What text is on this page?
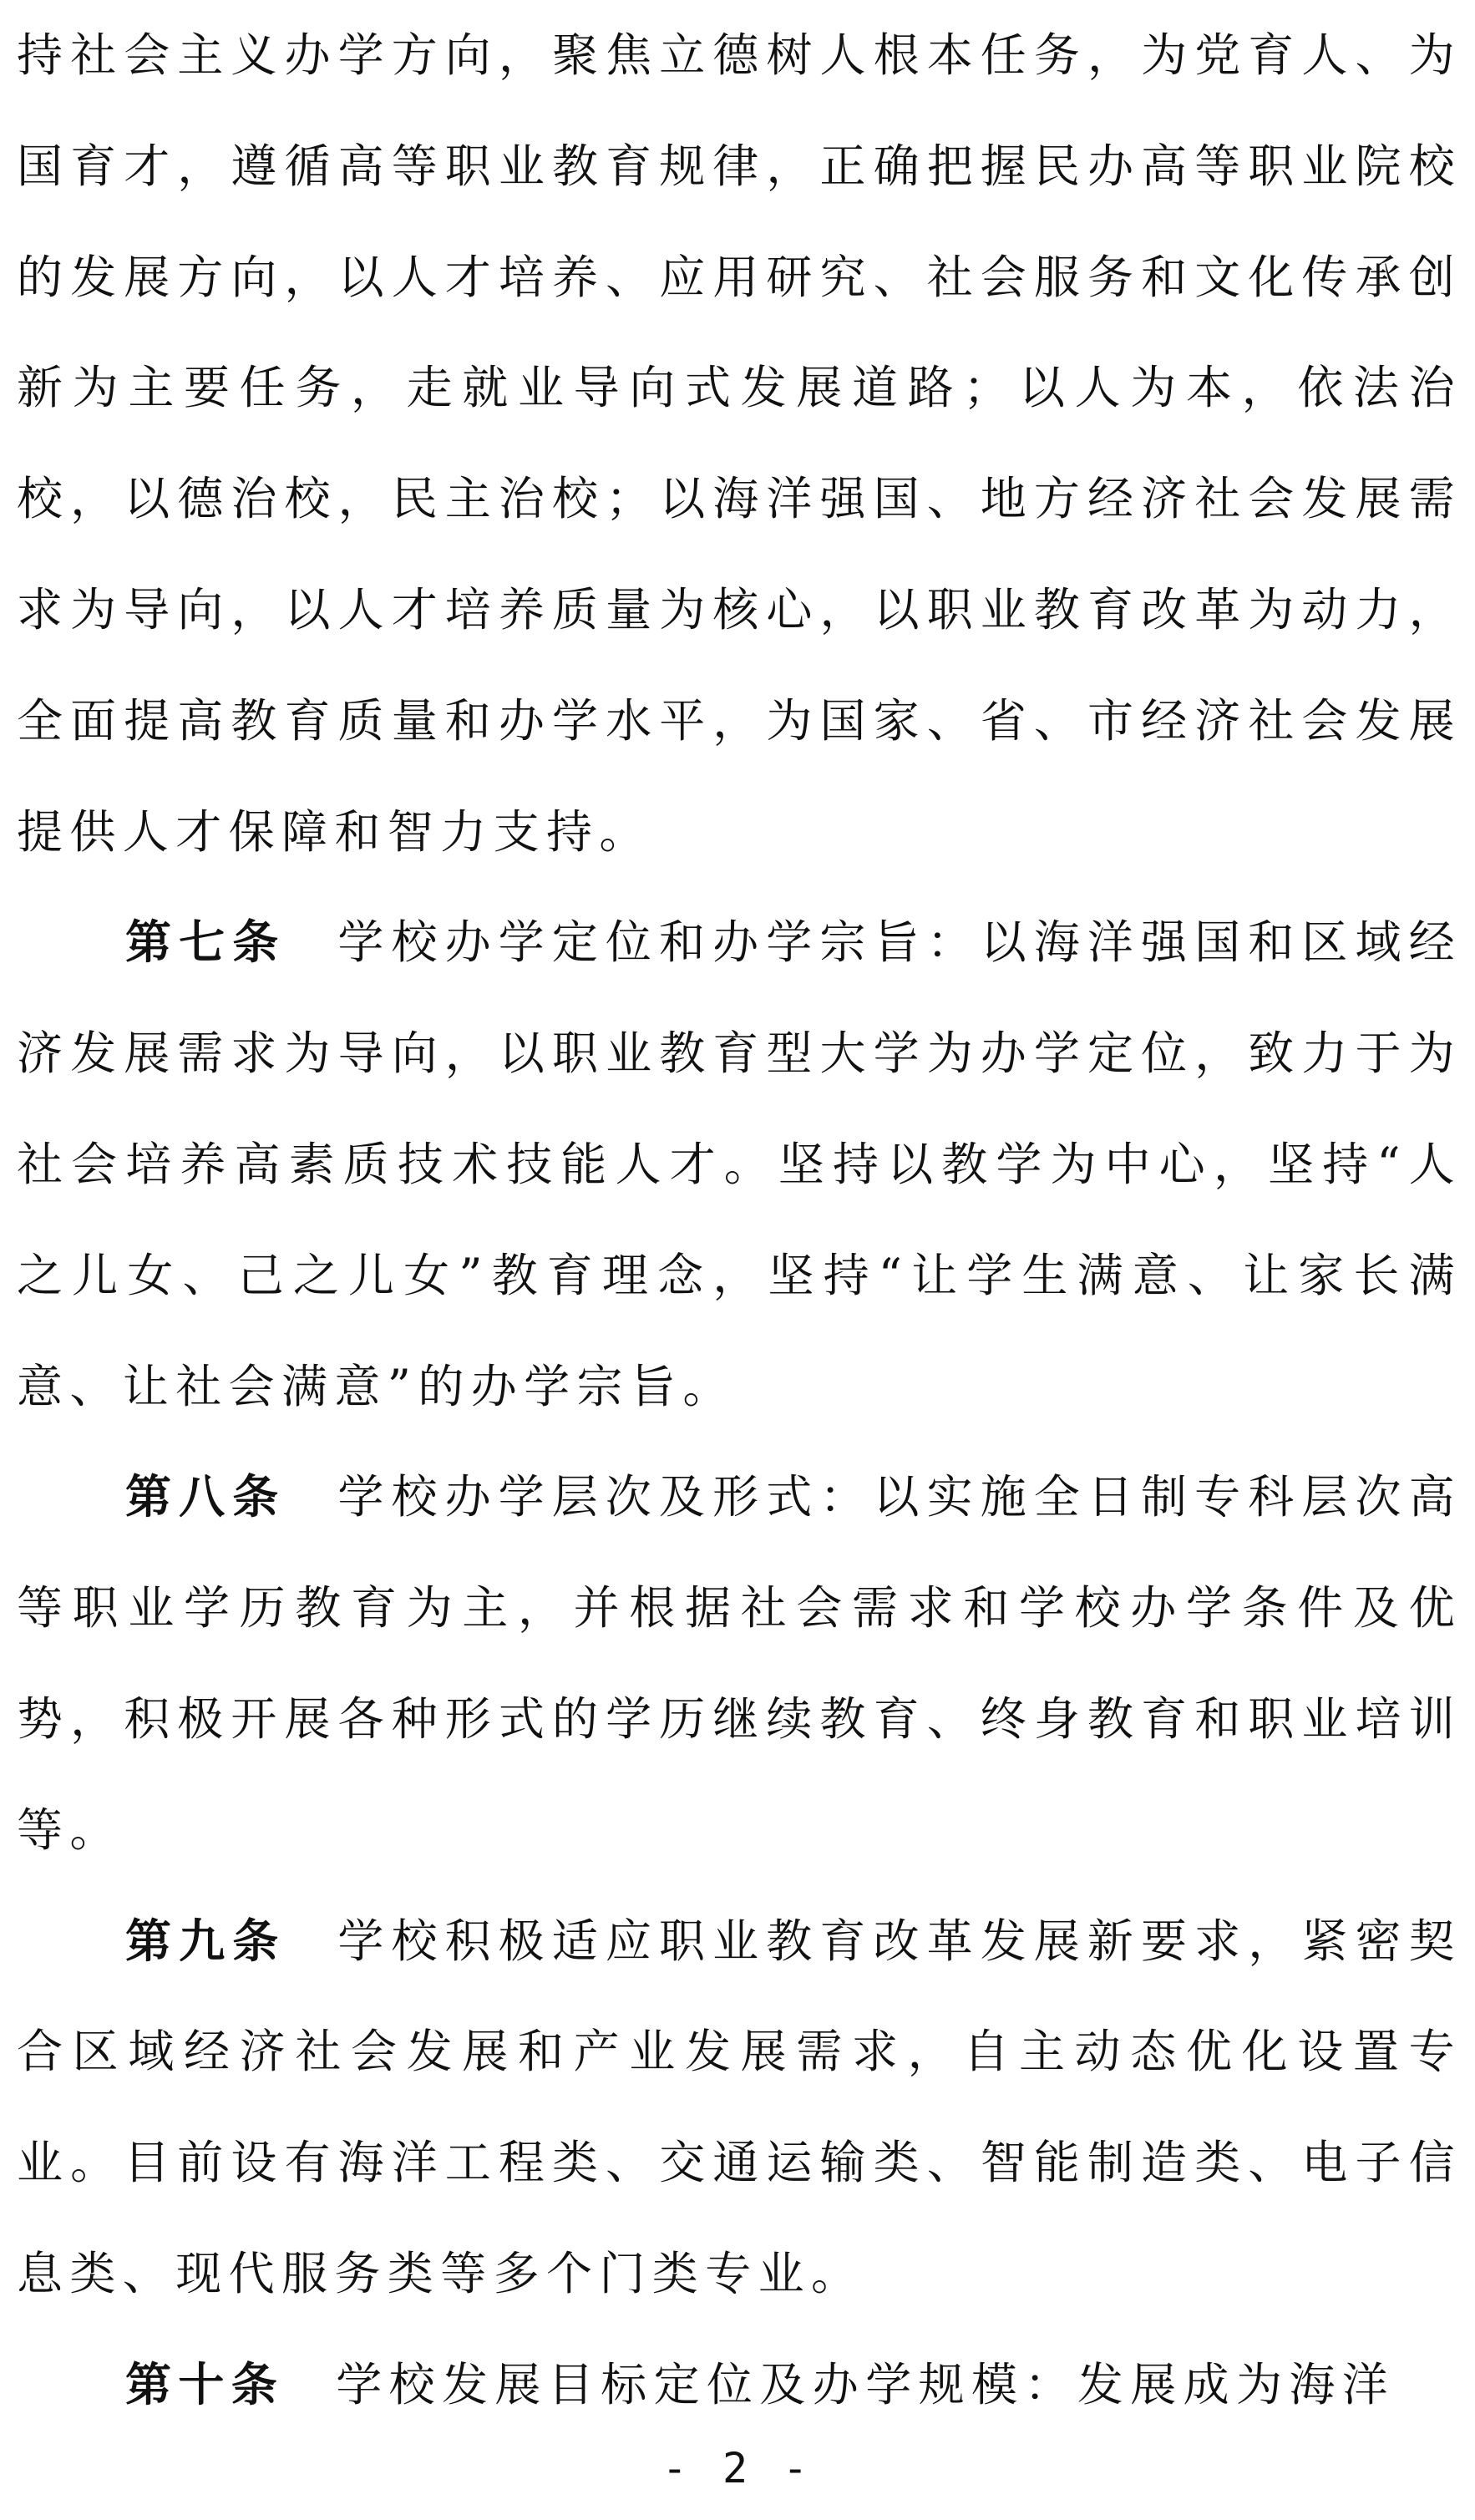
持社会主义办学方向，聚焦立德树人根本任务，为党育人、为国育才，遵循高等职业教育规律，正确把握民办高等职业院校的发展方向，以人才培养、应用研究、社会服务和文化传承创新为主要任务，走就业导向式发展道路；以人为本，依法治校，以德治校，民主治校；以海洋强国、地方经济社会发展需求为导向，以人才培养质量为核心，以职业教育改革为动力，全面提高教育质量和办学水平，为国家、省、市经济社会发展提供人才保障和智力支持。

第七条 学校办学定位和办学宗旨：以海洋强国和区域经济发展需求为导向，以职业教育型大学为办学定位，致力于为社会培养高素质技术技能人才。坚持以教学为中心，坚持“人之儿女、己之儿女”教育理念，坚持“让学生满意、让家长满意、让社会满意”的办学宗旨。

第八条 学校办学层次及形式：以实施全日制专科层次高等职业学历教育为主，并根据社会需求和学校办学条件及优势，积极开展各种形式的学历继续教育、终身教育和职业培训等。

第九条 学校积极适应职业教育改革发展新要求，紧密契合区域经济社会发展和产业发展需求，自主动态优化设置专业。目前设有海洋工程类、交通运输类、智能制造类、电子信息类、现代服务类等多个门类专业。

第十条 学校发展目标定位及办学规模：发展成为海洋

- 2 -
